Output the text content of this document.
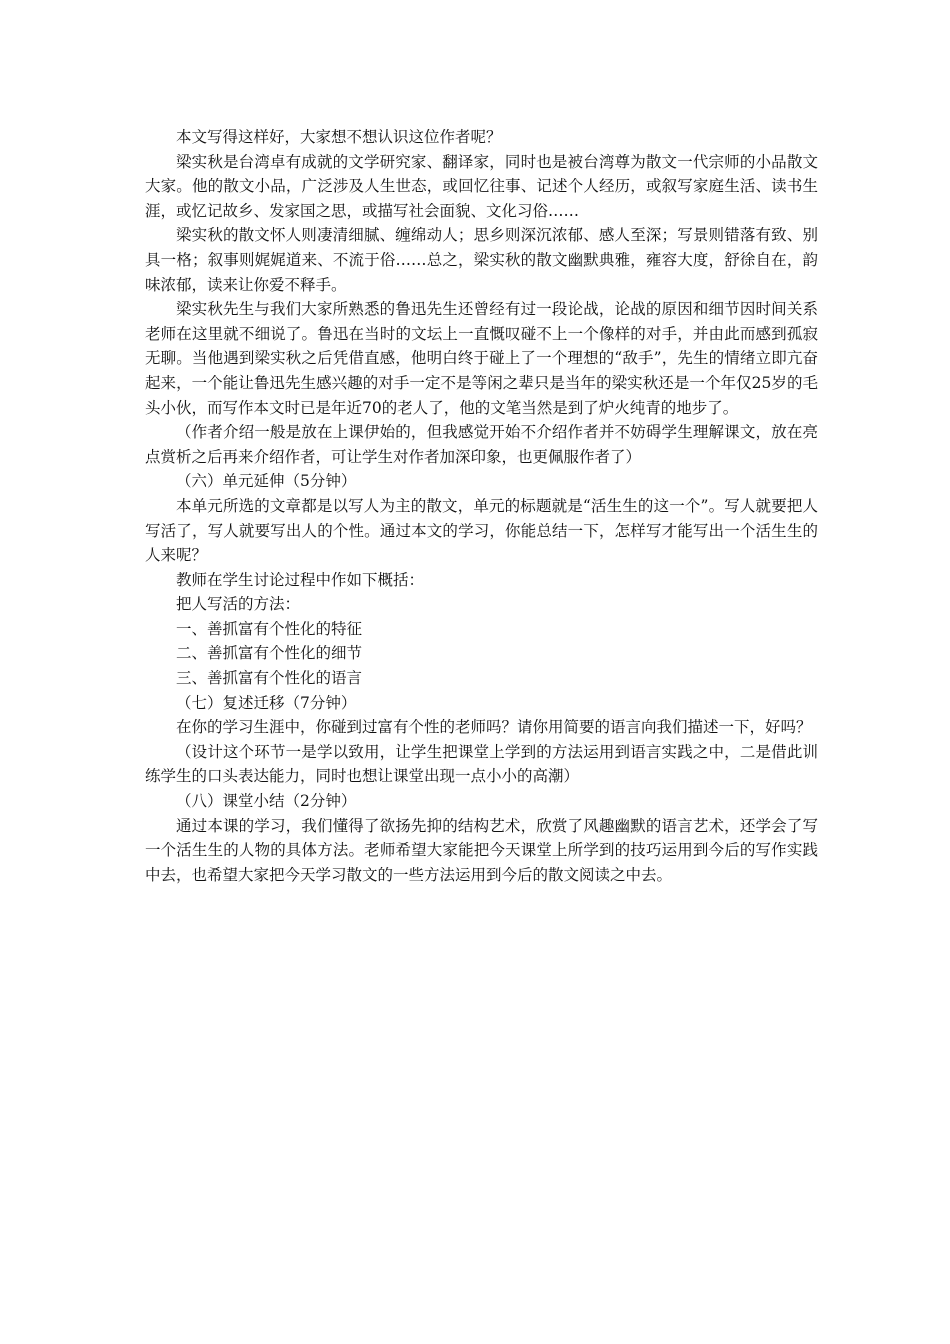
本文写得这样好，大家想不想认识这位作者呢？

梁实秋是台湾卓有成就的文学研究家、翻译家，同时也是被台湾尊为散文一代宗师的小品散文大家。他的散文小品，广泛涉及人生世态，或回忆往事、记述个人经历，或叙写家庭生活、读书生涯，或忆记故乡、发家国之思，或描写社会面貌、文化习俗……

梁实秋的散文怀人则凄清细腻、缠绵动人；思乡则深沉浓郁、感人至深；写景则错落有致、别具一格；叙事则娓娓道来、不流于俗……总之，梁实秋的散文幽默典雅，雍容大度，舒徐自在，韵味浓郁，读来让你爱不释手。

梁实秋先生与我们大家所熟悉的鲁迅先生还曾经有过一段论战，论战的原因和细节因时间关系老师在这里就不细说了。鲁迅在当时的文坛上一直慨叹碰不上一个像样的对手，并由此而感到孤寂无聊。当他遇到梁实秋之后凭借直感，他明白终于碰上了一个理想的“敌手”，先生的情绪立即亢奋起来，一个能让鲁迅先生感兴趣的对手一定不是等闲之辈只是当年的梁实秋还是一个年仅25岁的毛头小伙，而写作本文时已是年近70的老人了，他的文笔当然是到了炉火纯青的地步了。

（作者介绍一般是放在上课伊始的，但我感觉开始不介绍作者并不妨碍学生理解课文，放在亮点赏析之后再来介绍作者，可让学生对作者加深印象，也更佩服作者了）

（六）单元延伸（5分钟）

本单元所选的文章都是以写人为主的散文，单元的标题就是“活生生的这一个”。写人就要把人写活了，写人就要写出人的个性。通过本文的学习，你能总结一下，怎样写才能写出一个活生生的人来呢？

教师在学生讨论过程中作如下概括：

把人写活的方法：

一、善抓富有个性化的特征

二、善抓富有个性化的细节

三、善抓富有个性化的语言

（七）复述迁移（7分钟）

在你的学习生涯中，你碰到过富有个性的老师吗？请你用简要的语言向我们描述一下，好吗？

（设计这个环节一是学以致用，让学生把课堂上学到的方法运用到语言实践之中，二是借此训练学生的口头表达能力，同时也想让课堂出现一点小小的高潮）

（八）课堂小结（2分钟）

通过本课的学习，我们懂得了欲扬先抑的结构艺术，欣赏了风趣幽默的语言艺术，还学会了写一个活生生的人物的具体方法。老师希望大家能把今天课堂上所学到的技巧运用到今后的写作实践中去，也希望大家把今天学习散文的一些方法运用到今后的散文阅读之中去。
